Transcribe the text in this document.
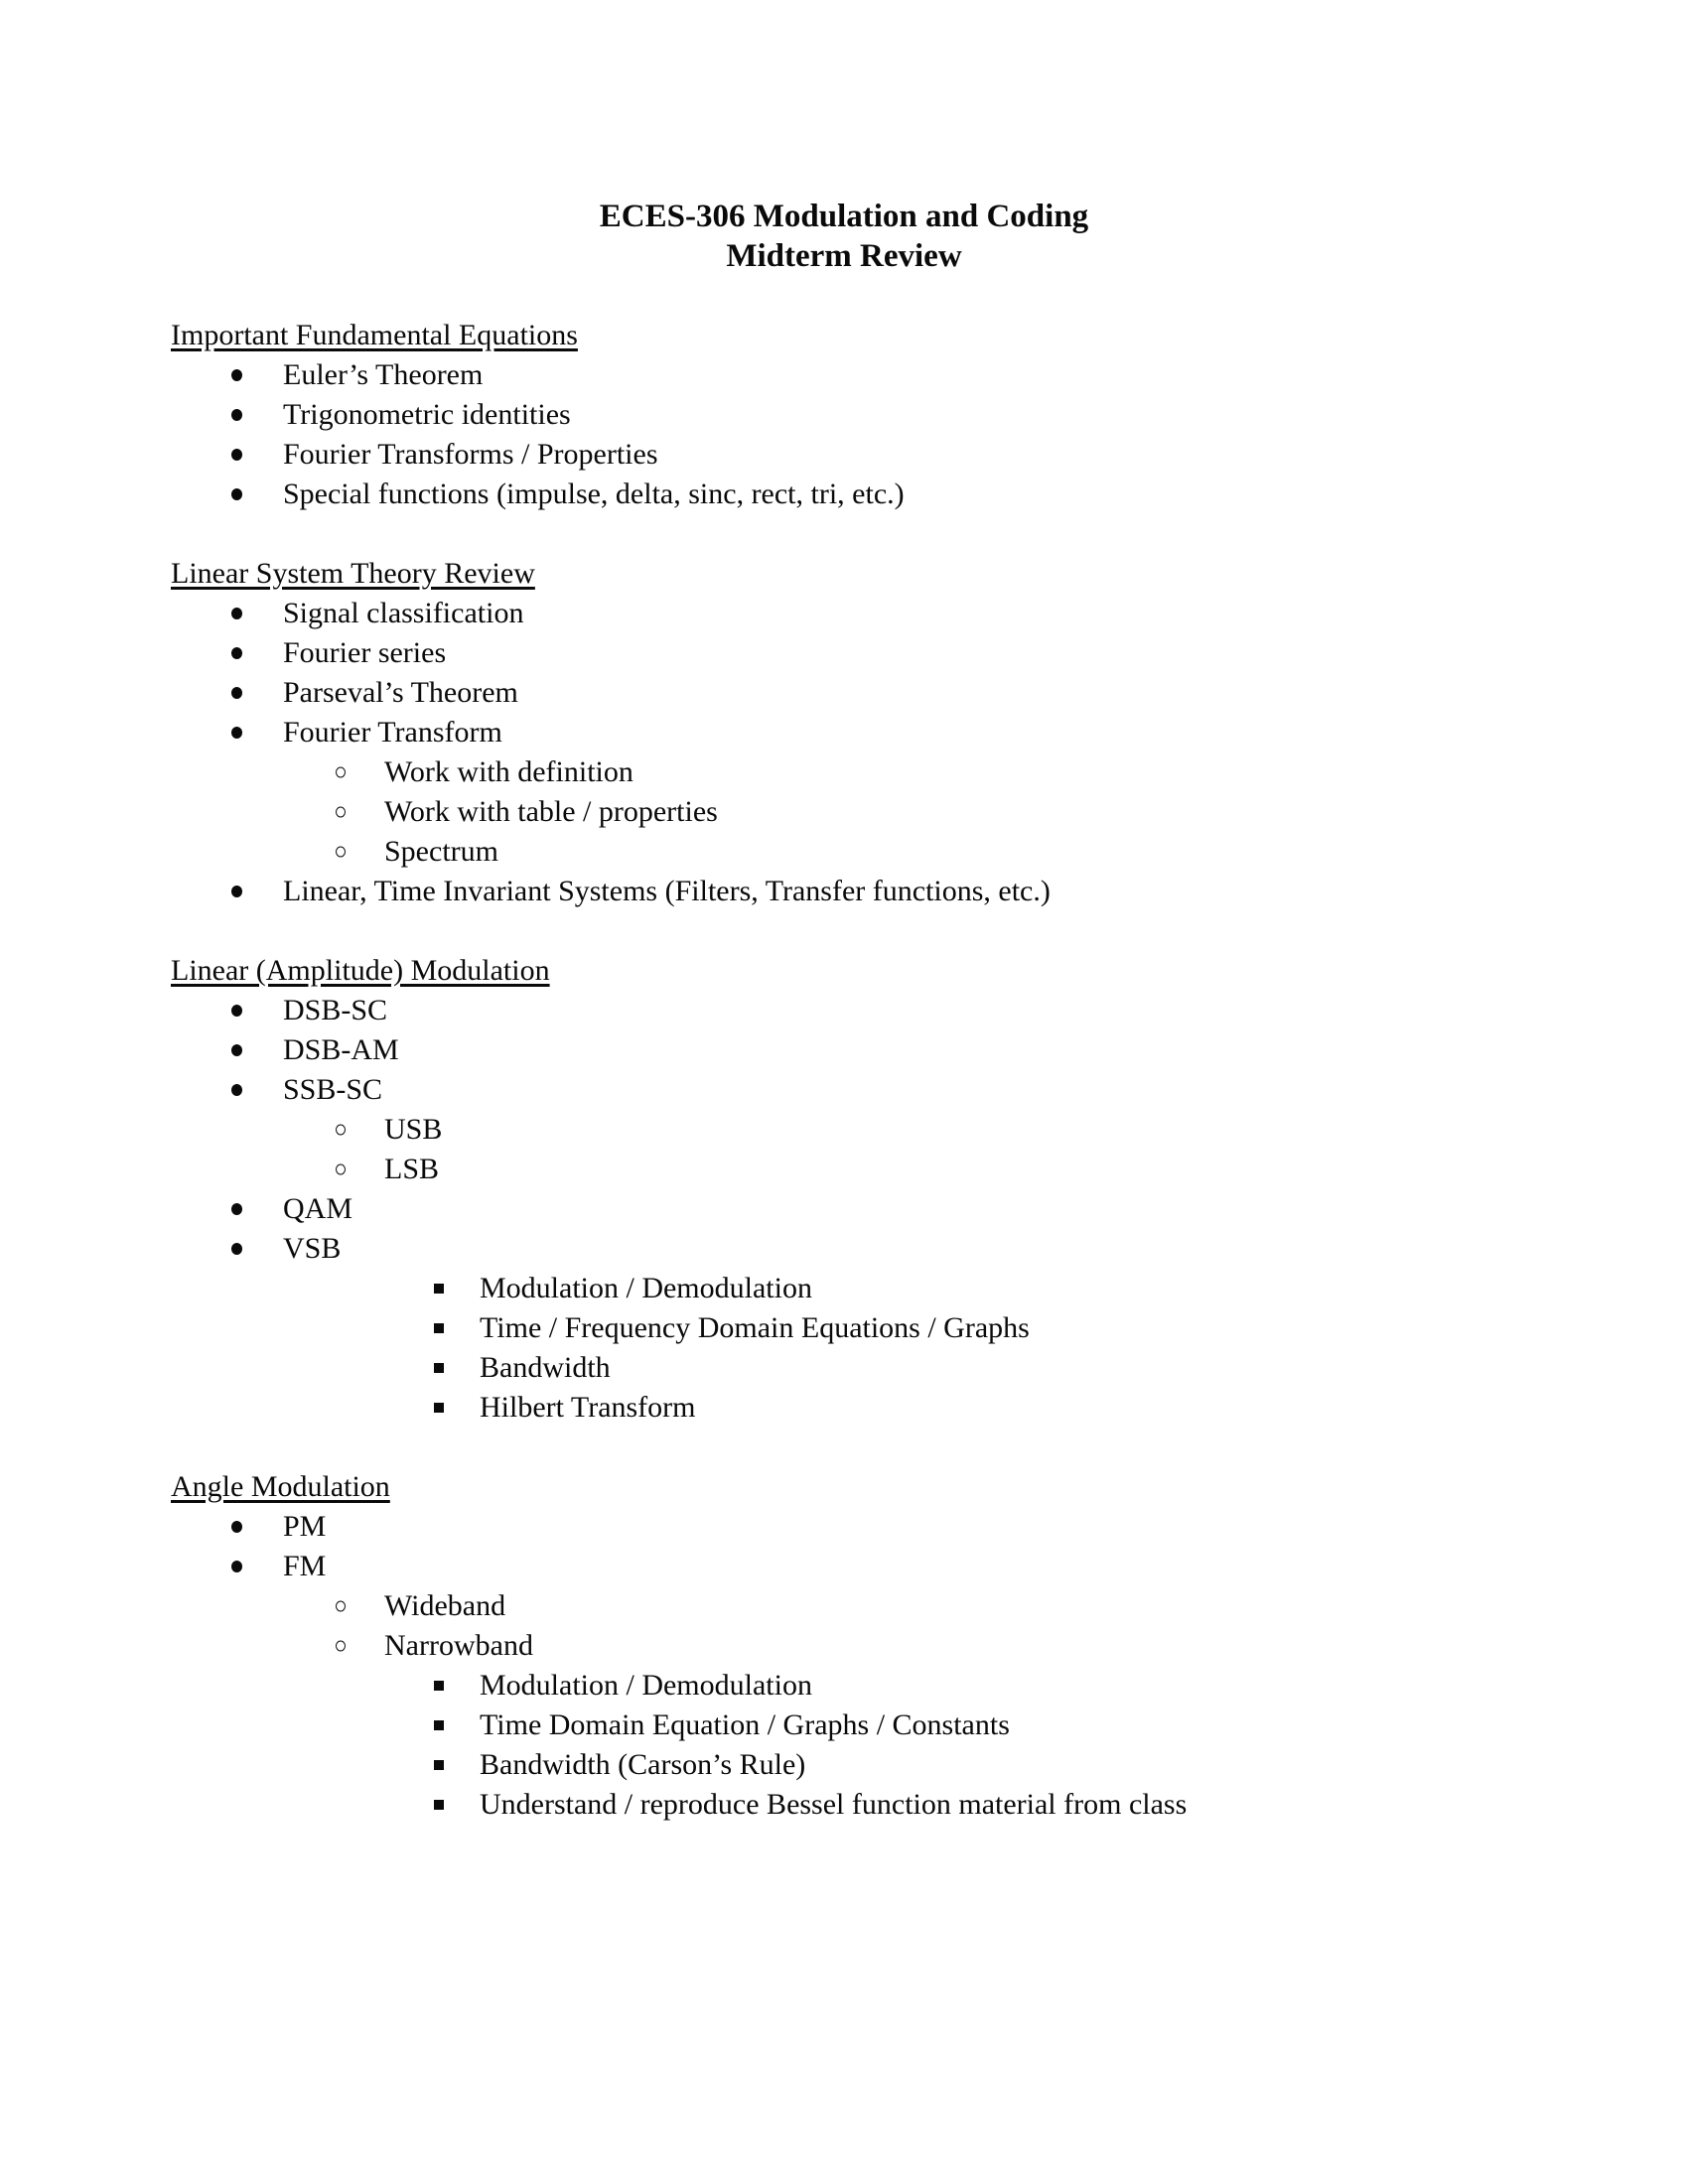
ECES-306 Modulation and Coding
Midterm Review
Important Fundamental Equations
Euler’s Theorem
Trigonometric identities
Fourier Transforms / Properties
Special functions (impulse, delta, sinc, rect, tri, etc.)
Linear System Theory Review
Signal classification
Fourier series
Parseval’s Theorem
Fourier Transform
Work with definition
Work with table / properties
Spectrum
Linear, Time Invariant Systems (Filters, Transfer functions, etc.)
Linear (Amplitude) Modulation
DSB-SC
DSB-AM
SSB-SC
USB
LSB
QAM
VSB
Modulation / Demodulation
Time / Frequency Domain Equations / Graphs
Bandwidth
Hilbert Transform
Angle Modulation
PM
FM
Wideband
Narrowband
Modulation / Demodulation
Time Domain Equation / Graphs / Constants
Bandwidth (Carson’s Rule)
Understand / reproduce Bessel function material from class
